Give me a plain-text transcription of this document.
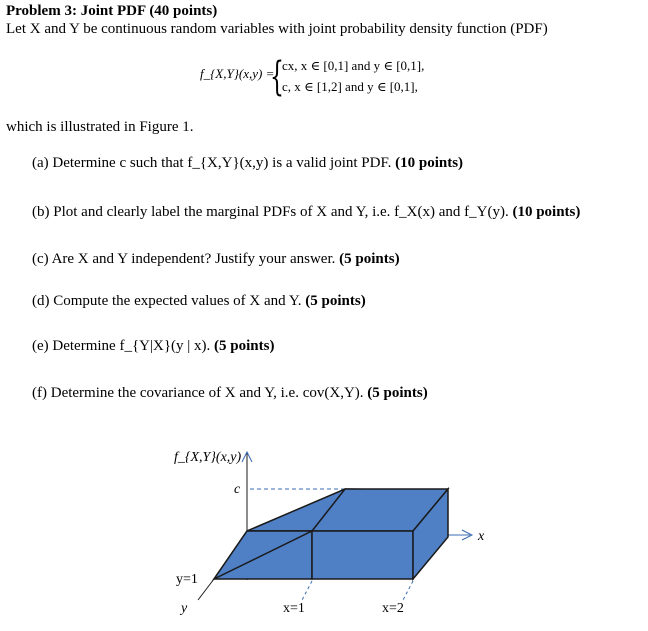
Problem 3: Joint PDF (40 points)
Let X and Y be continuous random variables with joint probability density function (PDF)
f_{X,Y}(x,y) =
{
cx, x ∈ [0,1] and y ∈ [0,1],
c, x ∈ [1,2] and y ∈ [0,1],
which is illustrated in Figure 1.
(a) Determine c such that f_{X,Y}(x,y) is a valid joint PDF. (10 points)
(b) Plot and clearly label the marginal PDFs of X and Y, i.e. f_X(x) and f_Y(y). (10 points)
(c) Are X and Y independent? Justify your answer. (5 points)
(d) Compute the expected values of X and Y. (5 points)
(e) Determine f_{Y|X}(y | x). (5 points)
(f) Determine the covariance of X and Y, i.e. cov(X,Y). (5 points)
f_{X,Y}(x,y)
c
x
y=1
y	x=1	x=2
